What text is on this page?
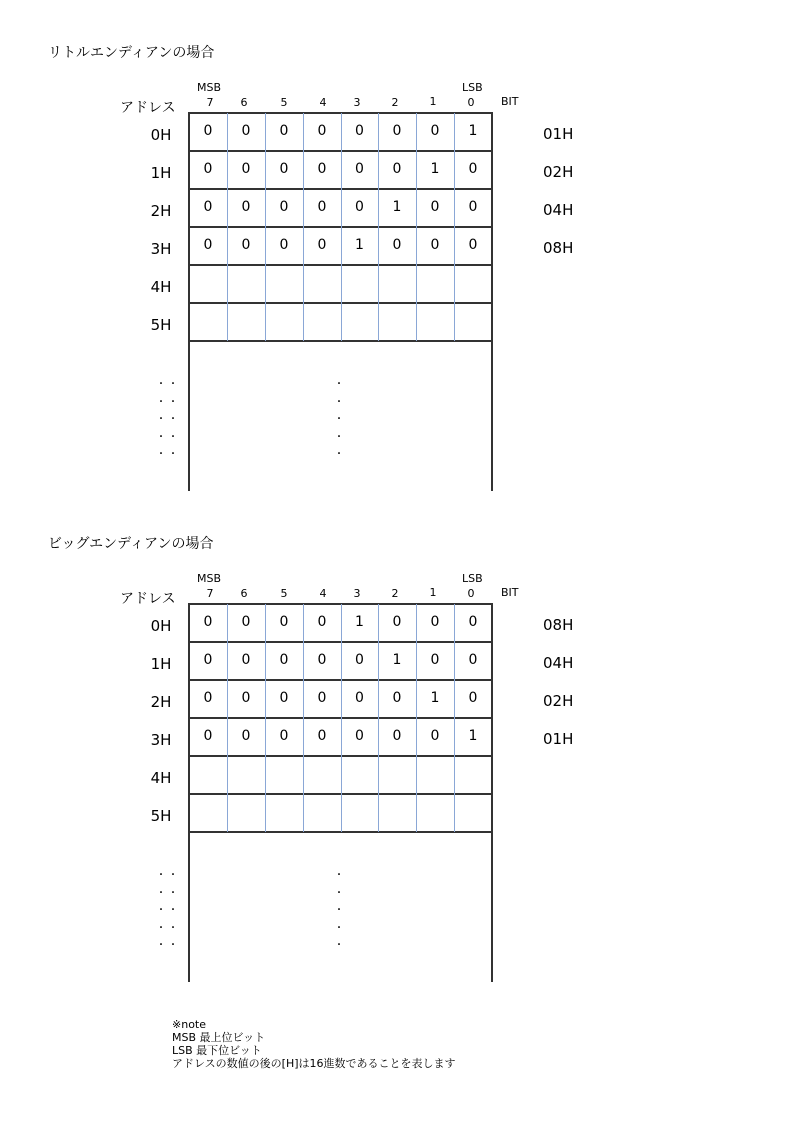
リトルエンディアンの場合
MSB	LSB
BIT
アドレス	7	6	5	4	3	2	1	0
0H	0	0	0	0	0	0	0	1	01H
1H	0	0	0	0	0	0	1	0	02H
2H	0	0	0	0	0	1	0	0	04H
3H	0	0	0	0	1	0	0	0	08H
4H
5H
・・
・・
・・
・・
・・
・
・
・
・
・
ビッグエンディアンの場合
MSB	LSB
BIT
アドレス	7	6	5	4	3	2	1	0
0H	0	0	0	0	1	0	0	0	08H
1H	0	0	0	0	0	1	0	0	04H
2H	0	0	0	0	0	0	1	0	02H
3H	0	0	0	0	0	0	0	1	01H
4H
5H
・・
・・
・・
・・
・・
・
・
・
・
・
※note
MSB 最上位ビット
LSB 最下位ビット
アドレスの数値の後の[H]は16進数であることを表します
